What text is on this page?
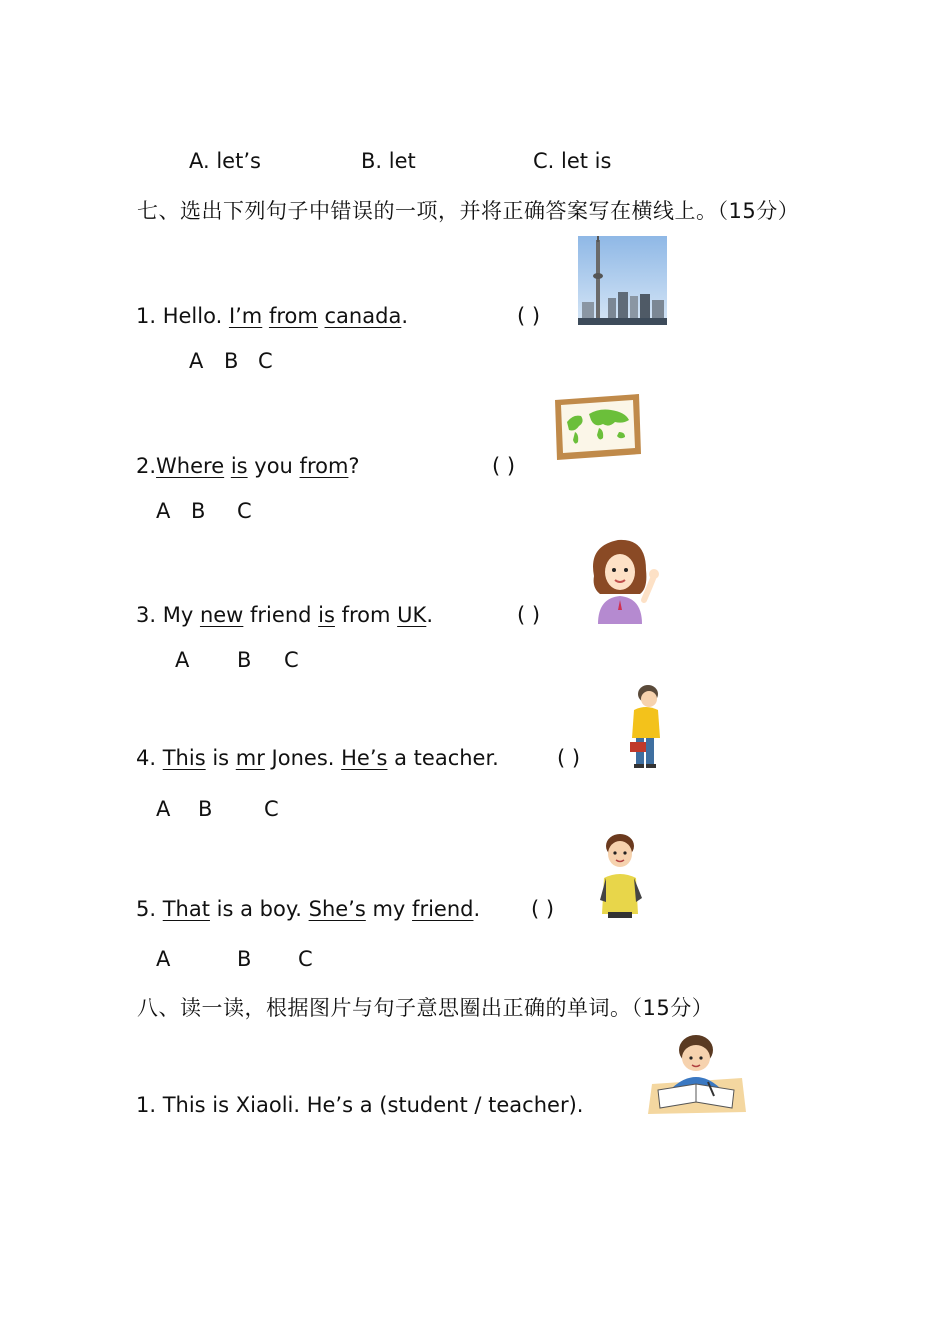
A. let’s	B. let	C. let is
七、选出下列句子中错误的一项，并将正确答案写在横线上。（15分）
1. Hello. I’m from canada.	( )
A B C
2.Where is you from?	( )
A B C
3. My new friend is from UK.	( )
A B C
4. This is mr Jones. He’s a teacher.	( )
A B C
5. That is a boy. She’s my friend. ( )
A	B C
八、读一读，根据图片与句子意思圈出正确的单词。（15分）
1. This is Xiaoli. He’s a (student / teacher).
